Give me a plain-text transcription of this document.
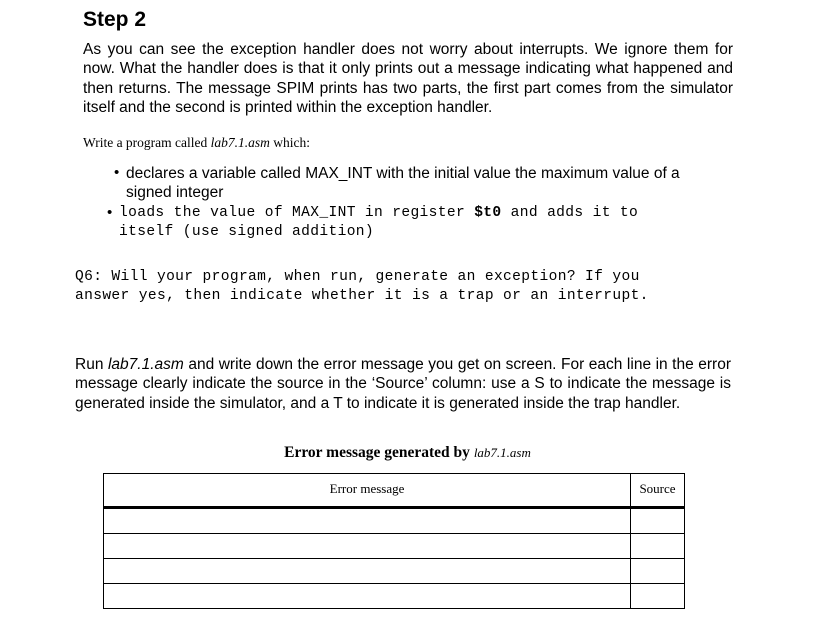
Step 2
As you can see the exception handler does not worry about interrupts. We ignore them for now. What the handler does is that it only prints out a message indicating what happened and then returns. The message SPIM prints has two parts, the first part comes from the simulator itself and the second is printed within the exception handler.
Write a program called lab7.1.asm which:
• declares a variable called MAX_INT with the initial value the maximum value of a
signed integer
• loads the value of MAX_INT in register $t0 and adds it to
itself (use signed addition)
Q6: Will your program, when run, generate an exception? If you
answer yes, then indicate whether it is a trap or an interrupt.
Run lab7.1.asm and write down the error message you get on screen. For each line in the error message clearly indicate the source in the ‘Source’ column: use a S to indicate the message is generated inside the simulator, and a T to indicate it is generated inside the trap handler.
Error message generated by lab7.1.asm
Error message	Source
